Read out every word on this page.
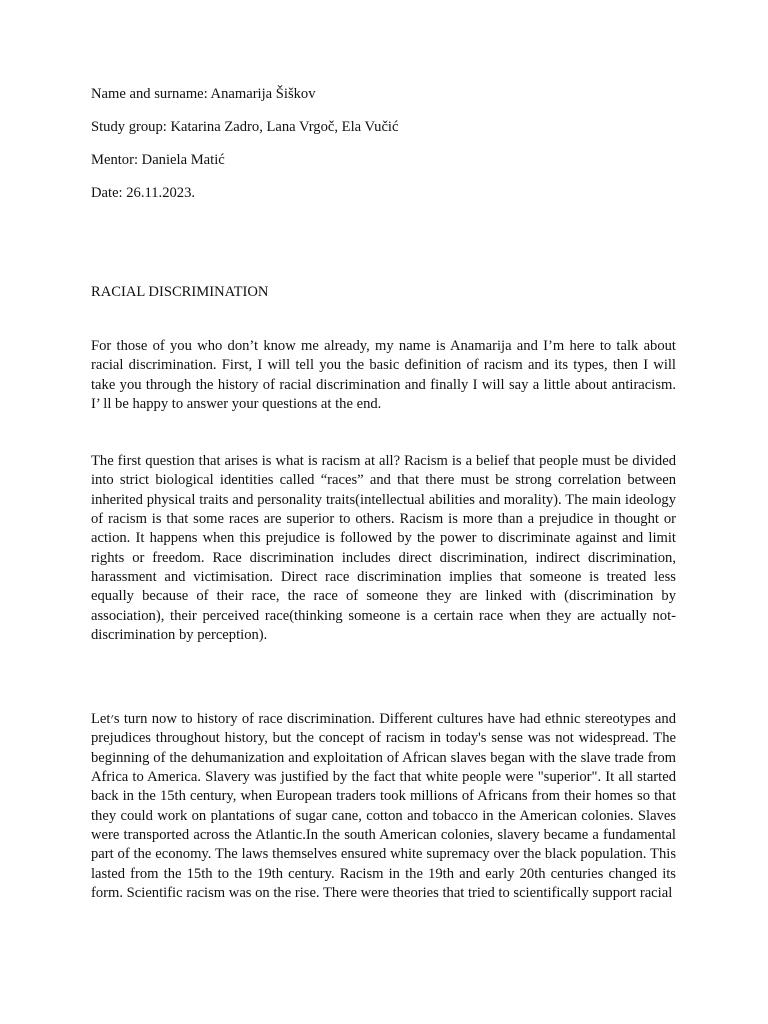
Name and surname: Anamarija Šiškov

Study group: Katarina Zadro, Lana Vrgoč, Ela Vučić

Mentor: Daniela Matić

Date: 26.11.2023.

RACIAL DISCRIMINATION

For those of you who don’t know me already, my name is Anamarija and I’m here to talk about racial discrimination. First, I will tell you the basic definition of racism and its types, then I will take you through the history of racial discrimination and finally I will say a little about antiracism. I’ ll be happy to answer your questions at the end.

The first question that arises is what is racism at all? Racism is a belief that people must be divided into strict biological identities called “races” and that there must be strong correlation between inherited physical traits and personality traits(intellectual abilities and morality). The main ideology of racism is that some races are superior to others. Racism is more than a prejudice in thought or action. It happens when this prejudice is followed by the power to discriminate against and limit rights or freedom. Race discrimination includes direct discrimination, indirect discrimination, harassment and victimisation. Direct race discrimination implies that someone is treated less equally because of their race, the race of someone they are linked with (discrimination by association), their perceived race(thinking someone is a certain race when they are actually not- discrimination by perception).

Let׳s turn now to history of race discrimination. Different cultures have had ethnic stereotypes and prejudices throughout history, but the concept of racism in today's sense was not widespread. The beginning of the dehumanization and exploitation of African slaves began with the slave trade from Africa to America. Slavery was justified by the fact that white people were "superior". It all started back in the 15th century, when European traders took millions of Africans from their homes so that they could work on plantations of sugar cane, cotton and tobacco in the American colonies. Slaves were transported across the Atlantic.In the south American colonies, slavery became a fundamental part of the economy. The laws themselves ensured white supremacy over the black population. This lasted from the 15th to the 19th century. Racism in the 19th and early 20th centuries changed its form. Scientific racism was on the rise. There were theories that tried to scientifically support racial
